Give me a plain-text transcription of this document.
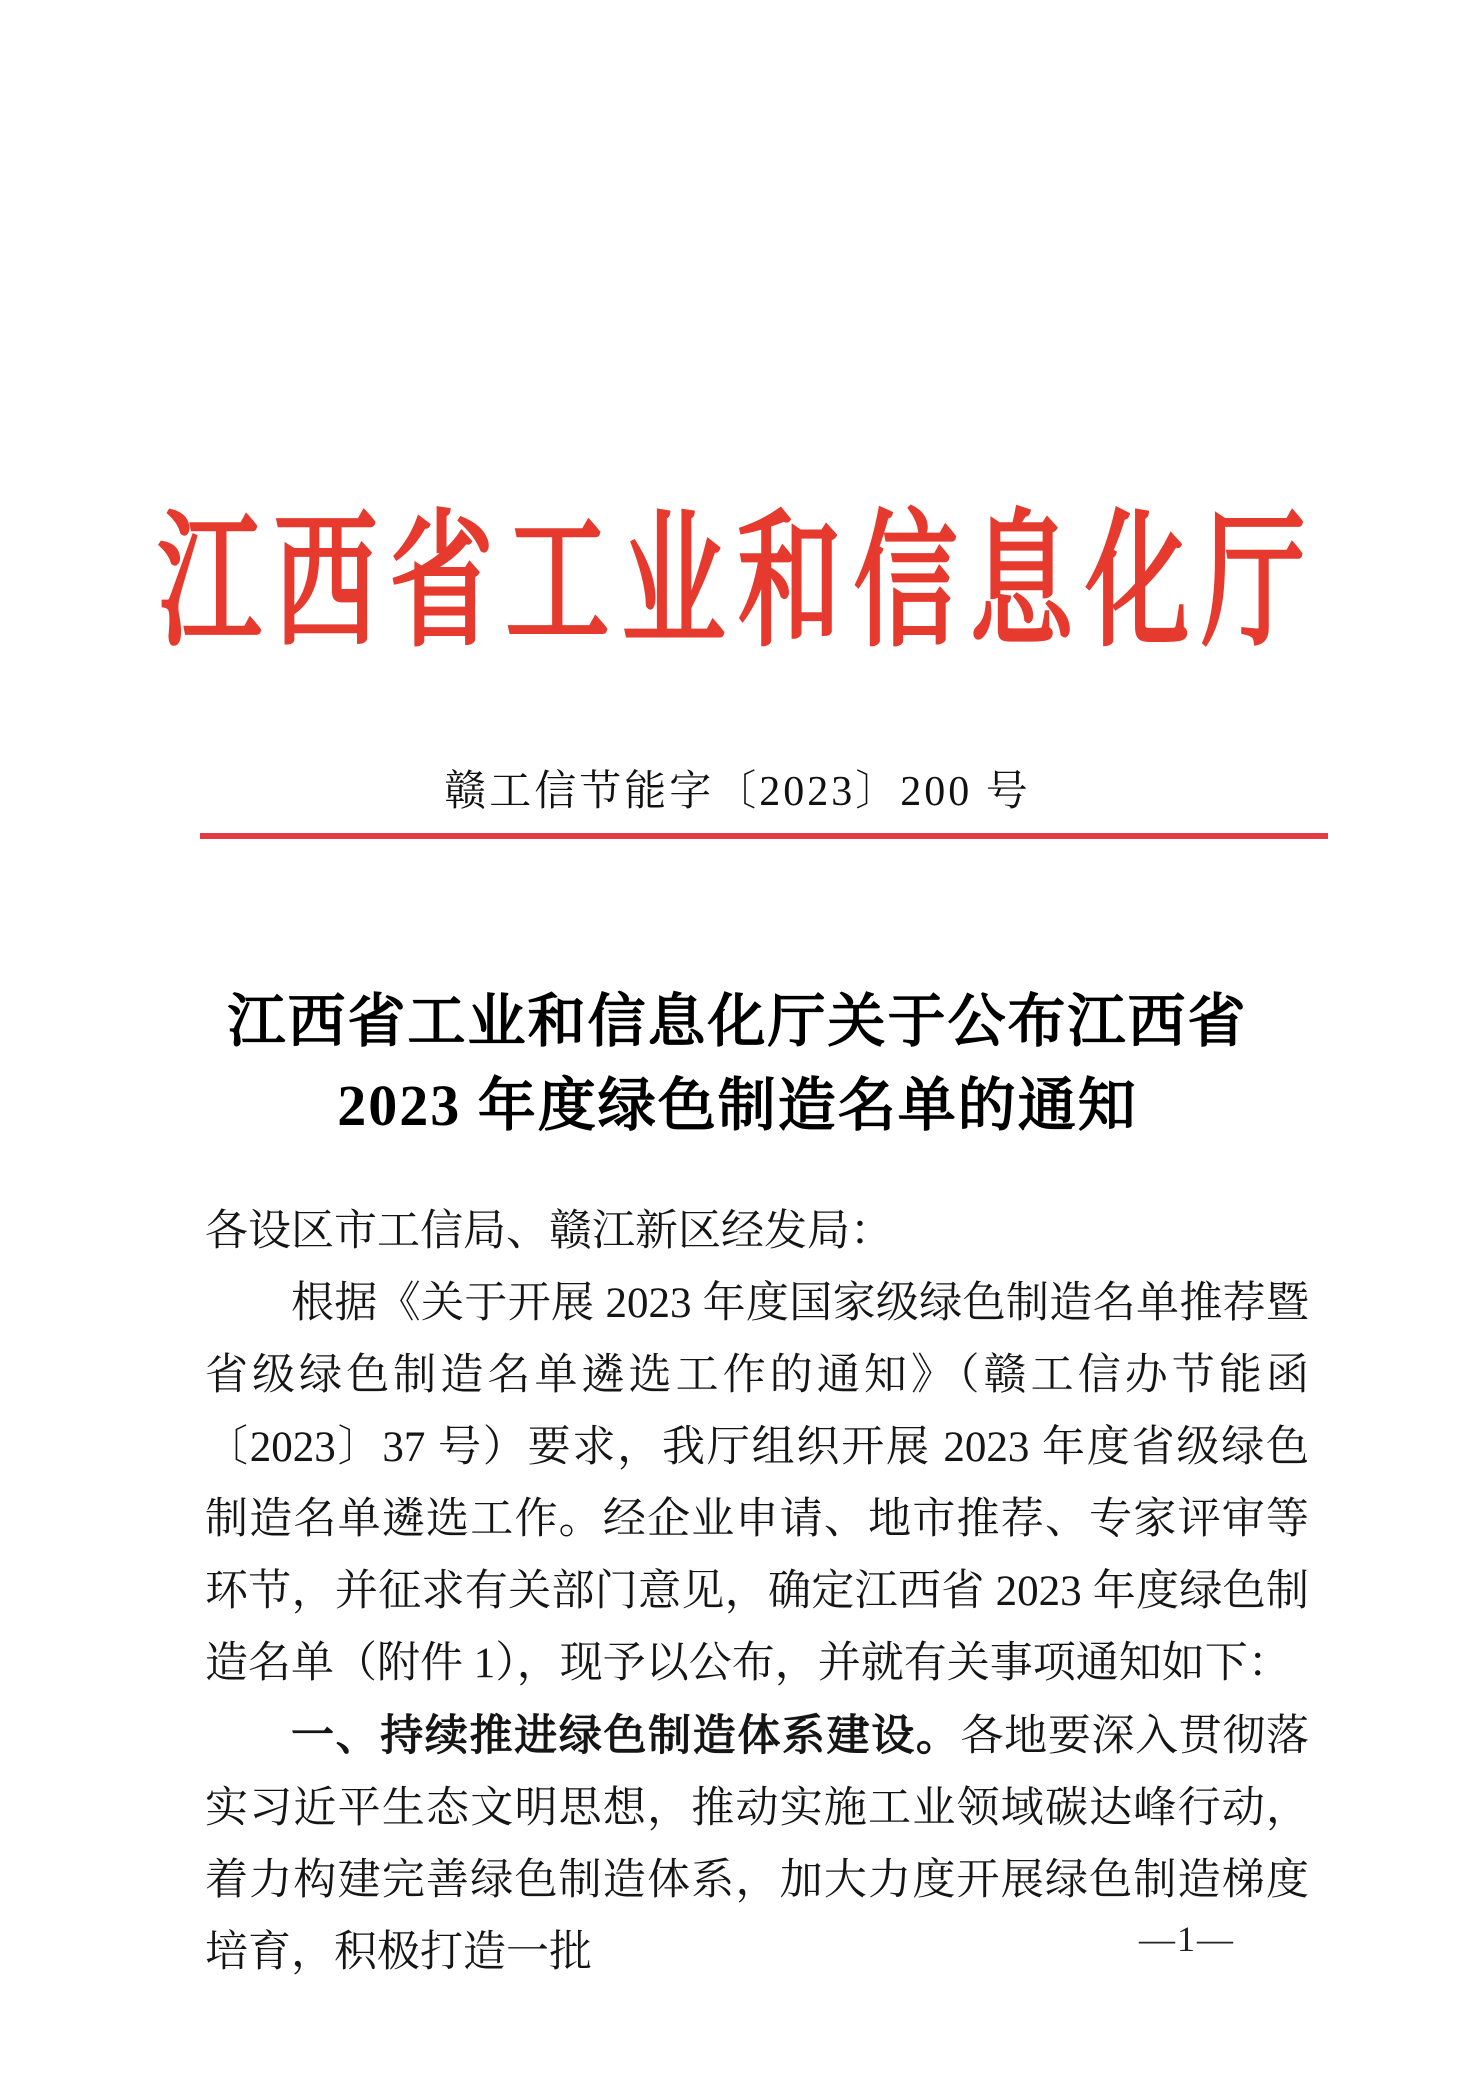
江西省工业和信息化厅
赣工信节能字〔2023〕200 号
江西省工业和信息化厅关于公布江西省
2023 年度绿色制造名单的通知

各设区市工信局、赣江新区经发局：

根据《关于开展 2023 年度国家级绿色制造名单推荐暨省级绿色制造名单遴选工作的通知》（赣工信办节能函〔2023〕37 号）要求，我厅组织开展 2023 年度省级绿色制造名单遴选工作。经企业申请、地市推荐、专家评审等环节，并征求有关部门意见，确定江西省 2023 年度绿色制造名单（附件 1），现予以公布，并就有关事项通知如下：

一、持续推进绿色制造体系建设。各地要深入贯彻落实习近平生态文明思想，推动实施工业领域碳达峰行动，着力构建完善绿色制造体系，加大力度开展绿色制造梯度培育，积极打造一批	—1—
